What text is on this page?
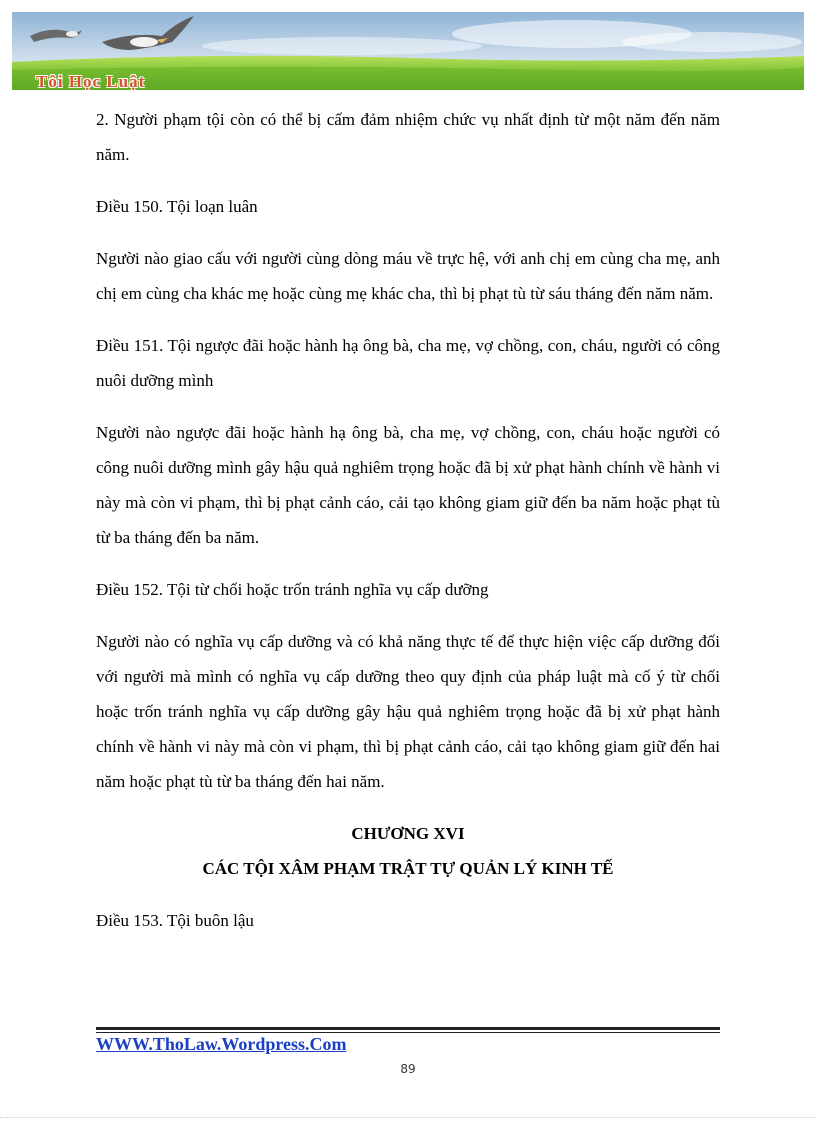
Tôi Học Luật

2. Người phạm tội còn có thể bị cấm đảm nhiệm chức vụ nhất định từ một năm đến năm năm.

Điều 150. Tội loạn luân

Người nào giao cấu với người cùng dòng máu về trực hệ, với anh chị em cùng cha mẹ, anh chị em cùng cha khác mẹ hoặc cùng mẹ khác cha, thì bị phạt tù từ sáu tháng đến năm năm.

Điều 151. Tội ngược đãi hoặc hành hạ ông bà, cha mẹ, vợ chồng, con, cháu, người có công nuôi dưỡng mình

Người nào ngược đãi hoặc hành hạ ông bà, cha mẹ, vợ chồng, con, cháu hoặc người có công nuôi dưỡng mình gây hậu quả nghiêm trọng hoặc đã bị xử phạt hành chính về hành vi này mà còn vi phạm, thì bị phạt cảnh cáo, cải tạo không giam giữ đến ba năm hoặc phạt tù từ ba tháng đến ba năm.

Điều 152. Tội từ chối hoặc trốn tránh nghĩa vụ cấp dưỡng

Người nào có nghĩa vụ cấp dưỡng và có khả năng thực tế để thực hiện việc cấp dưỡng đối với người mà mình có nghĩa vụ cấp dưỡng theo quy định của pháp luật mà cố ý từ chối hoặc trốn tránh nghĩa vụ cấp dưỡng gây hậu quả nghiêm trọng hoặc đã bị xử phạt hành chính về hành vi này mà còn vi phạm, thì bị phạt cảnh cáo, cải tạo không giam giữ đến hai năm hoặc phạt tù từ ba tháng đến hai năm.

CHƯƠNG XVI

CÁC TỘI XÂM PHẠM TRẬT TỰ QUẢN LÝ KINH TẾ

Điều 153. Tội buôn lậu

WWW.ThoLaw.Wordpress.Com
89
